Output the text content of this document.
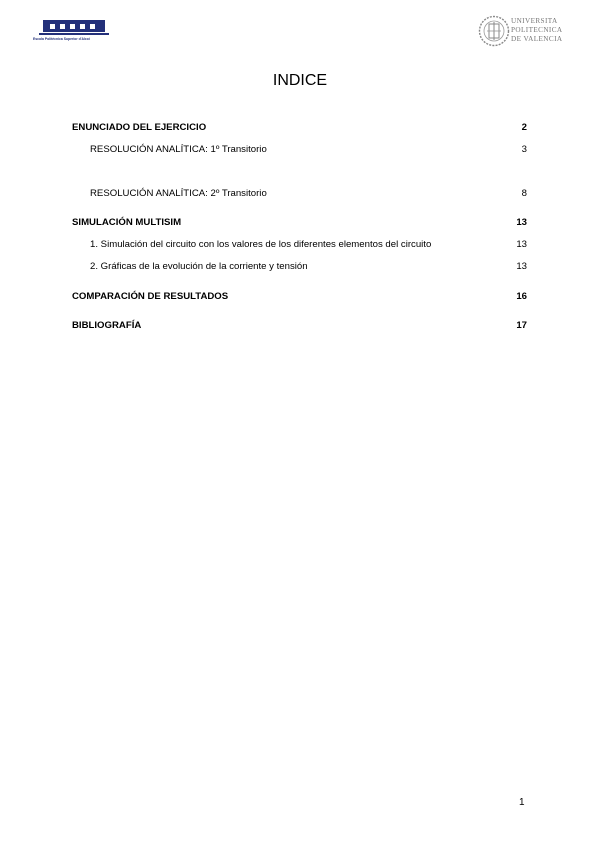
Escola Politècnica Superior d'Alcoi
UNIVERSITA
POLITECNICA
DE VALENCIA
INDICE
ENUNCIADO DEL EJERCICIO	2
RESOLUCIÓN ANALÍTICA: 1º Transitorio	3
RESOLUCIÓN ANALÍTICA: 2º Transitorio	8
SIMULACIÓN MULTISIM	13
1. Simulación del circuito con los valores de los diferentes elementos del circuito	13
2. Gráficas de la evolución de la corriente y tensión	13
COMPARACIÓN DE RESULTADOS	16
BIBLIOGRAFÍA	17
1
